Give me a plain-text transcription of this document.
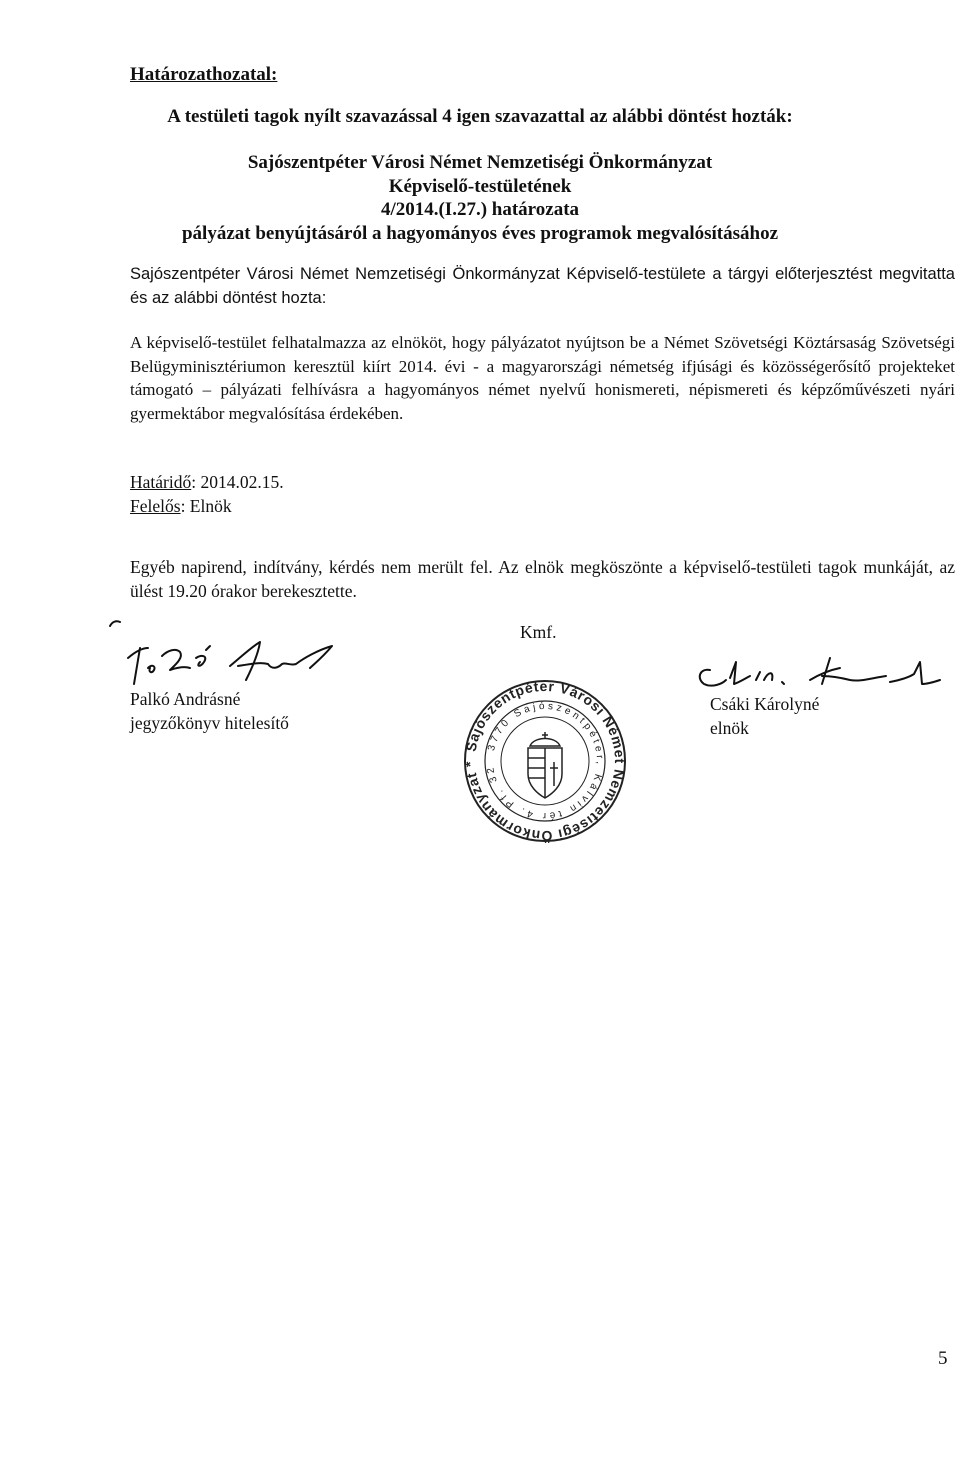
Határozathozatal:
A testületi tagok nyílt szavazással 4 igen szavazattal az alábbi döntést hozták:
Sajószentpéter Városi Német Nemzetiségi Önkormányzat
Képviselő-testületének
4/2014.(I.27.) határozata
pályázat benyújtásáról a hagyományos éves programok megvalósításához
Sajószentpéter Városi Német Nemzetiségi Önkormányzat Képviselő-testülete a tárgyi előterjesztést megvitatta és az alábbi döntést hozta:
A képviselő-testület felhatalmazza az elnököt, hogy pályázatot nyújtson be a Német Szövetségi Köztársaság Szövetségi Belügyminisztériumon keresztül kiírt 2014. évi - a magyarországi németség ifjúsági és közösségerősítő projekteket támogató – pályázati felhívásra a hagyományos német nyelvű honismereti, népismereti és képzőművészeti nyári gyermektábor megvalósítása érdekében.
Határidő: 2014.02.15.
Felelős: Elnök
Egyéb napirend, indítvány, kérdés nem merült fel. Az elnök megköszönte a képviselő-testületi tagok munkáját, az ülést 19.20 órakor berekesztette.
Kmf.
Palkó Andrásné
jegyzőkönyv hitelesítő
Csáki Károlyné
elnök
Sajószentpéter Városi Német Nemzetiségi Önkormányzat *
3770 Sajószentpéter, Kálvin tér 4. Pf. 32
5
